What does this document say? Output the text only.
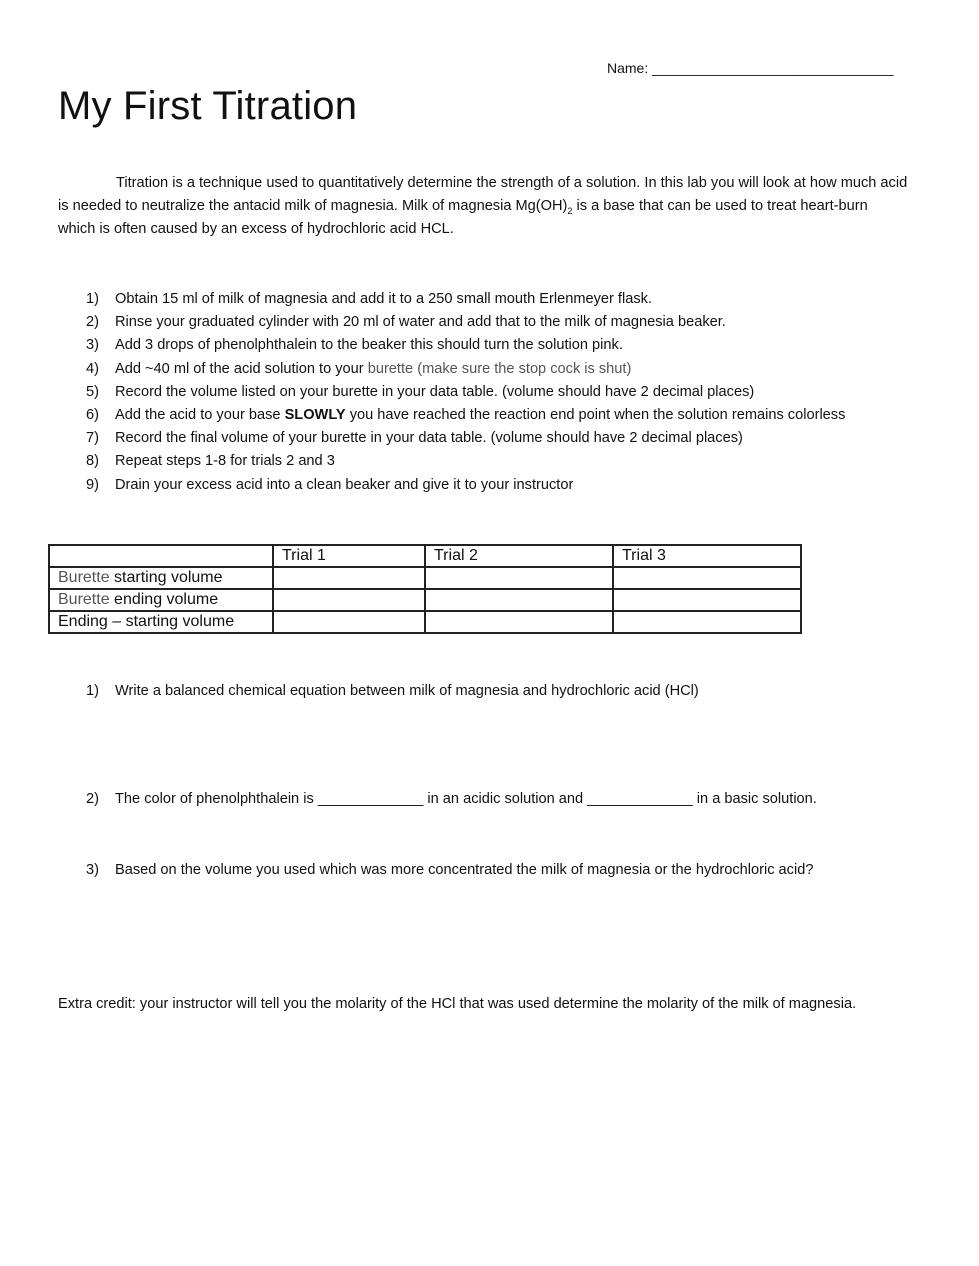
Name: _______________________________
My First Titration

Titration is a technique used to quantitatively determine the strength of a solution. In this lab you will look at how much acid is needed to neutralize the antacid milk of magnesia. Milk of magnesia $Mg(OH)_2$ is a base that can be used to treat heart-burn which is often caused by an excess of hydrochloric acid HCL.

1) Obtain 15 ml of milk of magnesia and add it to a 250 small mouth Erlenmeyer flask.
2) Rinse your graduated cylinder with 20 ml of water and add that to the milk of magnesia beaker.
3) Add 3 drops of phenolphthalein to the beaker this should turn the solution pink.
4) Add ~40 ml of the acid solution to your burette (make sure the stop cock is shut)
5) Record the volume listed on your burette in your data table. (volume should have 2 decimal places)
6) Add the acid to your base SLOWLY you have reached the reaction end point when the solution remains colorless
7) Record the final volume of your burette in your data table. (volume should have 2 decimal places)
8) Repeat steps 1-8 for trials 2 and 3
9) Drain your excess acid into a clean beaker and give it to your instructor
	Trial 1	Trial 2	Trial 3
Burette starting volume			
Burette ending volume			
Ending – starting volume			
1) Write a balanced chemical equation between milk of magnesia and hydrochloric acid (HCl)
2) The color of phenolphthalein is _____________ in an acidic solution and _____________ in a basic solution.
3) Based on the volume you used which was more concentrated the milk of magnesia or the hydrochloric acid?

Extra credit: your instructor will tell you the molarity of the HCl that was used determine the molarity of the milk of magnesia.
